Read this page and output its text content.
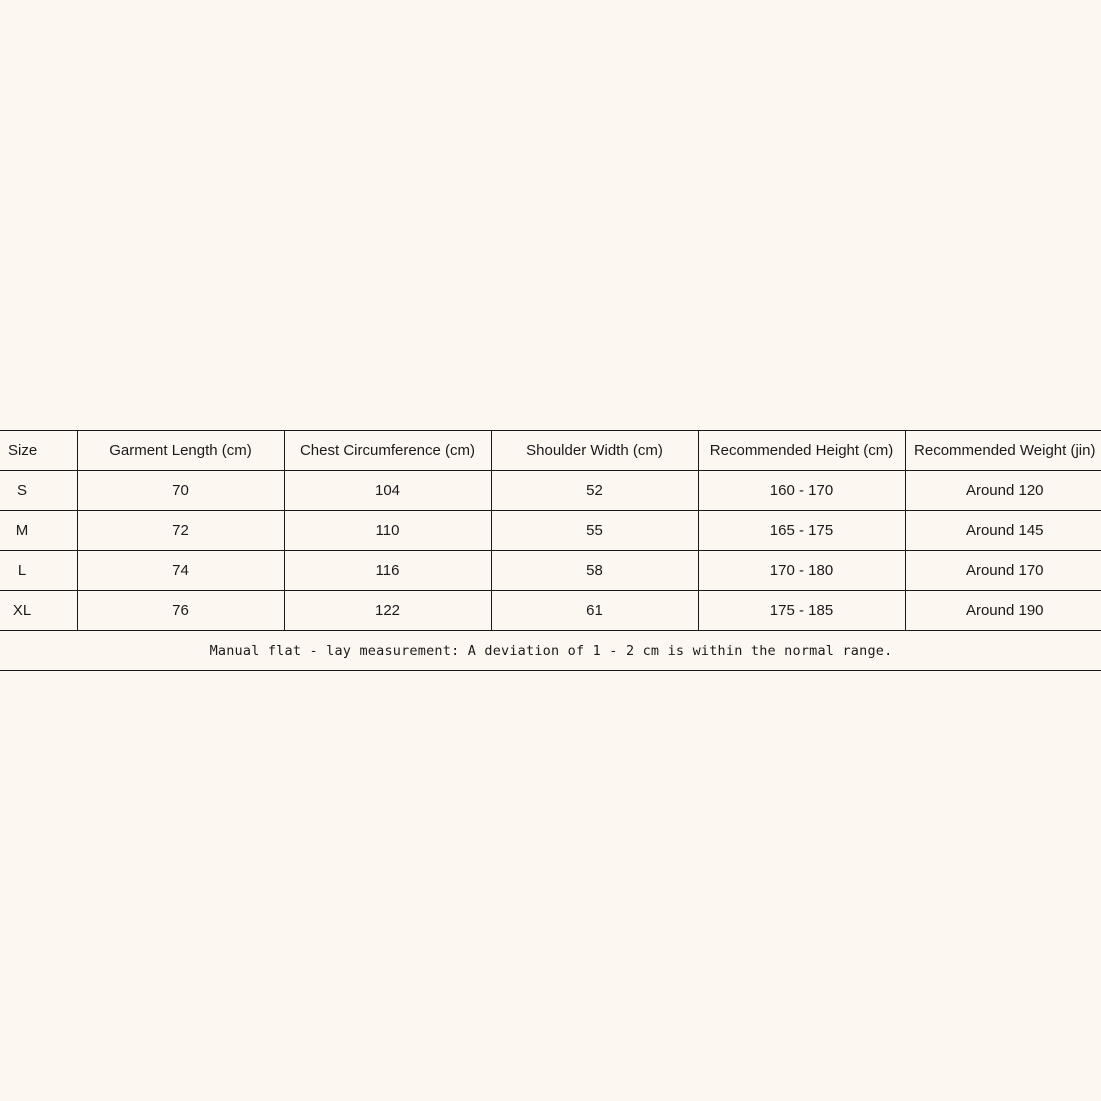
Size	Garment Length (cm)	Chest Circumference (cm)	Shoulder Width (cm)	Recommended Height (cm)	Recommended Weight (jin)
S	70	104	52	160 - 170	Around 120
M	72	110	55	165 - 175	Around 145
L	74	116	58	170 - 180	Around 170
XL	76	122	61	175 - 185	Around 190
Manual flat - lay measurement: A deviation of 1 - 2 cm is within the normal range.					
